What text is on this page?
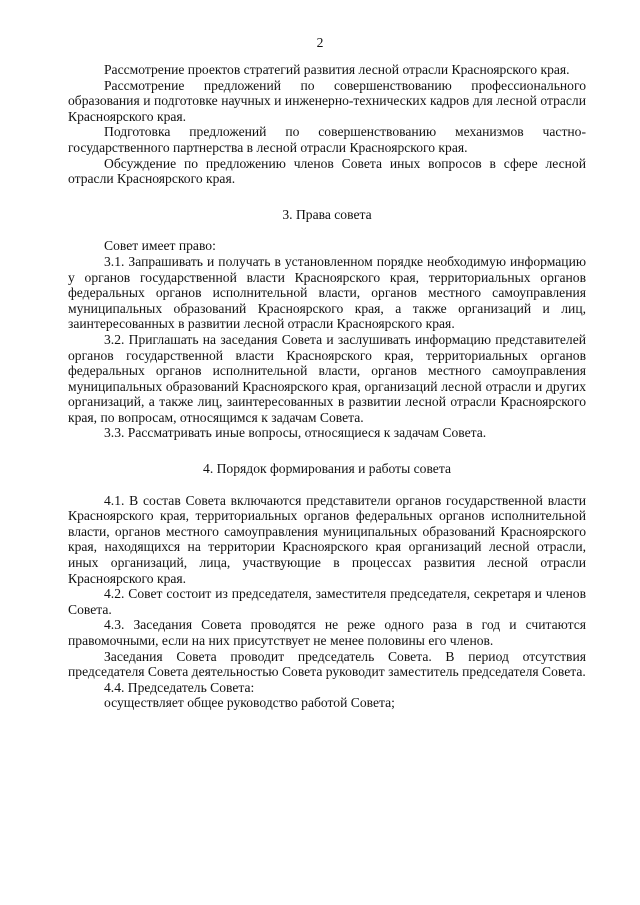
2

Рассмотрение проектов стратегий развития лесной отрасли Красноярского края.

Рассмотрение предложений по совершенствованию профессионального образования и подготовке научных и инженерно-технических кадров для лесной отрасли Красноярского края.

Подготовка предложений по совершенствованию механизмов частно-государственного партнерства в лесной отрасли Красноярского края.

Обсуждение по предложению членов Совета иных вопросов в сфере лесной отрасли Красноярского края.

3. Права совета

Совет имеет право:

3.1. Запрашивать и получать в установленном порядке необходимую информацию у органов государственной власти Красноярского края, территориальных органов федеральных органов исполнительной власти, органов местного самоуправления муниципальных образований Красноярского края, а также организаций и лиц, заинтересованных в развитии лесной отрасли Красноярского края.

3.2. Приглашать на заседания Совета и заслушивать информацию представителей органов государственной власти Красноярского края, территориальных органов федеральных органов исполнительной власти, органов местного самоуправления муниципальных образований Красноярского края, организаций лесной отрасли и других организаций, а также лиц, заинтересованных в развитии лесной отрасли Красноярского края, по вопросам, относящимся к задачам Совета.

3.3. Рассматривать иные вопросы, относящиеся к задачам Совета.

4. Порядок формирования и работы совета

4.1. В состав Совета включаются представители органов государственной власти Красноярского края, территориальных органов федеральных органов исполнительной власти, органов местного самоуправления муниципальных образований Красноярского края, находящихся на территории Красноярского края организаций лесной отрасли, иных организаций, лица, участвующие в процессах развития лесной отрасли Красноярского края.

4.2. Совет состоит из председателя, заместителя председателя, секретаря и членов Совета.

4.3. Заседания Совета проводятся не реже одного раза в год и считаются правомочными, если на них присутствует не менее половины его членов.

Заседания Совета проводит председатель Совета. В период отсутствия председателя Совета деятельностью Совета руководит заместитель председателя Совета.

4.4. Председатель Совета:

осуществляет общее руководство работой Совета;
